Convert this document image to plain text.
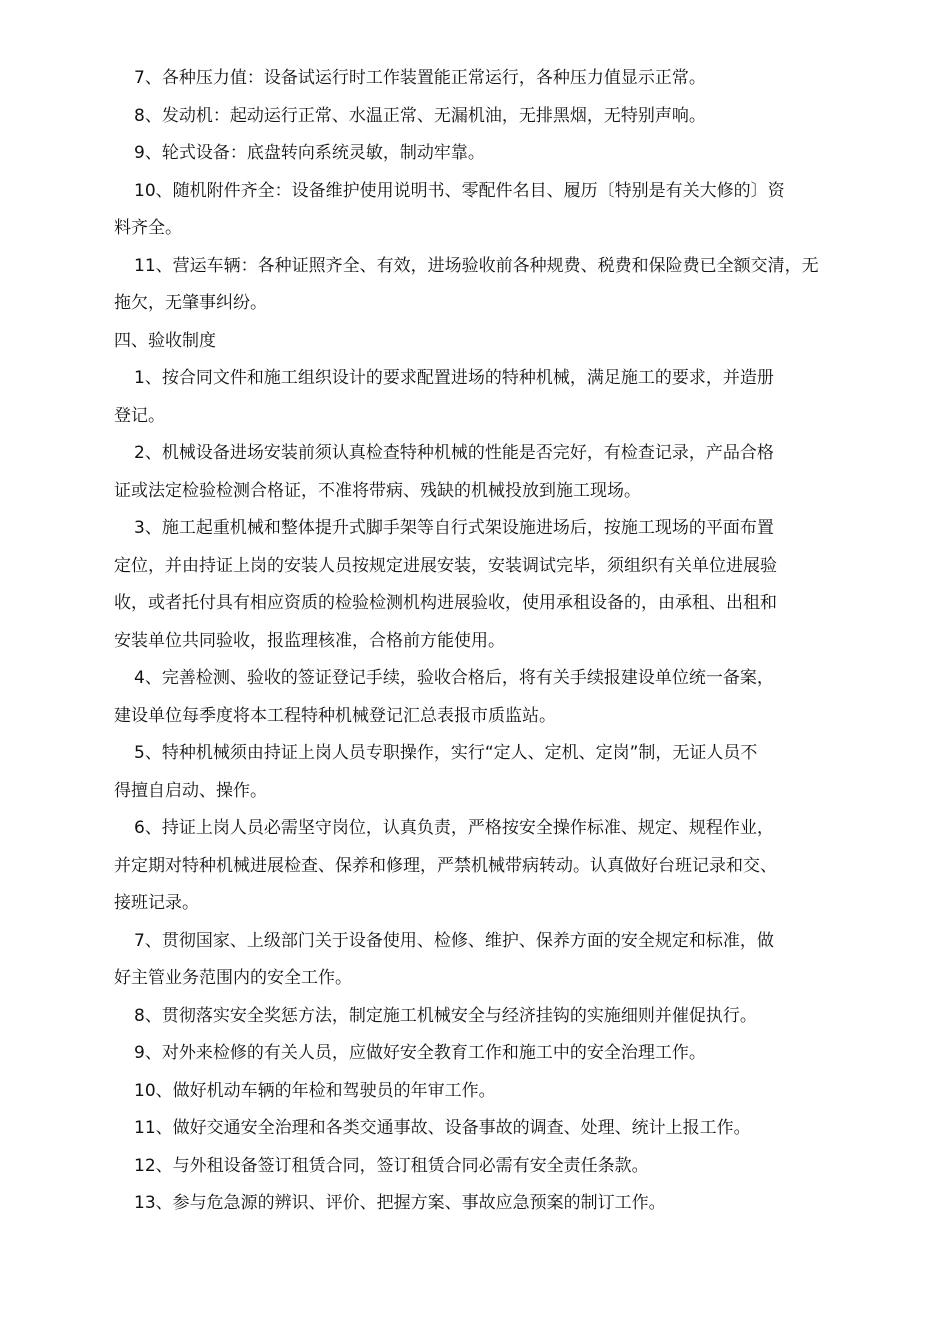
7、各种压力值：设备试运行时工作装置能正常运行，各种压力值显示正常。
8、发动机：起动运行正常、水温正常、无漏机油，无排黑烟，无特别声响。
9、轮式设备：底盘转向系统灵敏，制动牢靠。
10、随机附件齐全：设备维护使用说明书、零配件名目、履历〔特别是有关大修的〕资
料齐全。
11、营运车辆：各种证照齐全、有效，进场验收前各种规费、税费和保险费已全额交清，无
拖欠，无肇事纠纷。
四、验收制度
1、按合同文件和施工组织设计的要求配置进场的特种机械，满足施工的要求，并造册
登记。
2、机械设备进场安装前须认真检查特种机械的性能是否完好，有检查记录，产品合格
证或法定检验检测合格证，不准将带病、残缺的机械投放到施工现场。
3、施工起重机械和整体提升式脚手架等自行式架设施进场后，按施工现场的平面布置
定位，并由持证上岗的安装人员按规定进展安装，安装调试完毕，须组织有关单位进展验
收，或者托付具有相应资质的检验检测机构进展验收，使用承租设备的，由承租、出租和
安装单位共同验收，报监理核准，合格前方能使用。
4、完善检测、验收的签证登记手续，验收合格后，将有关手续报建设单位统一备案，
建设单位每季度将本工程特种机械登记汇总表报市质监站。
5、特种机械须由持证上岗人员专职操作，实行“定人、定机、定岗”制，无证人员不
得擅自启动、操作。
6、持证上岗人员必需坚守岗位，认真负责，严格按安全操作标准、规定、规程作业，
并定期对特种机械进展检查、保养和修理，严禁机械带病转动。认真做好台班记录和交、
接班记录。
7、贯彻国家、上级部门关于设备使用、检修、维护、保养方面的安全规定和标准，做
好主管业务范围内的安全工作。
8、贯彻落实安全奖惩方法，制定施工机械安全与经济挂钩的实施细则并催促执行。
9、对外来检修的有关人员，应做好安全教育工作和施工中的安全治理工作。
10、做好机动车辆的年检和驾驶员的年审工作。
11、做好交通安全治理和各类交通事故、设备事故的调查、处理、统计上报工作。
12、与外租设备签订租赁合同，签订租赁合同必需有安全责任条款。
13、参与危急源的辨识、评价、把握方案、事故应急预案的制订工作。
